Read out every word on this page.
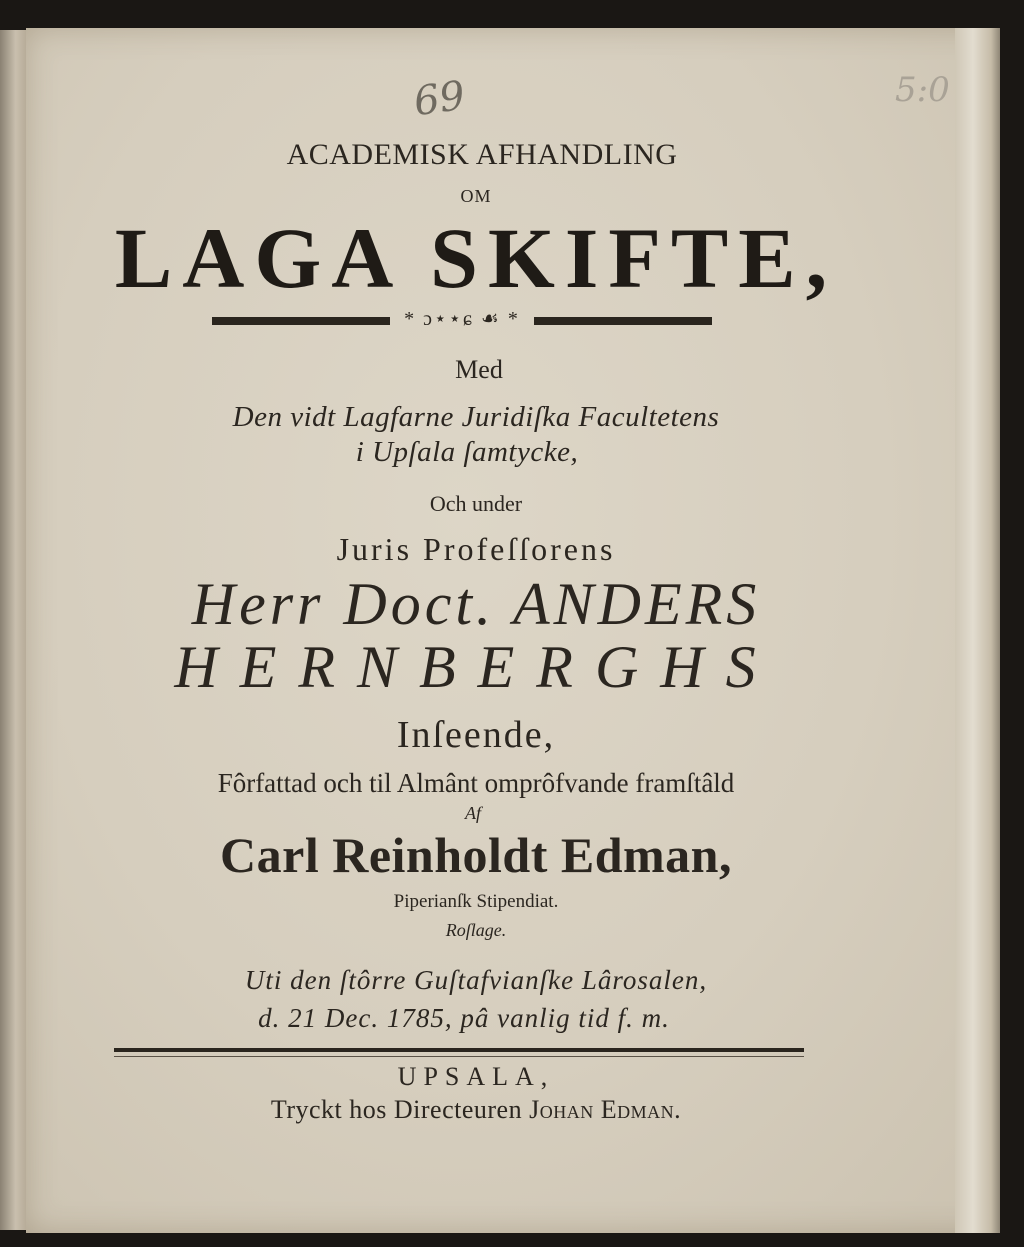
69
ACADEMISK AFHANDLING
OM
LAGA SKIFTE,
* ɔ⋆⋆ɕ ☙ *
Med
Den vidt Lagfarne Juridiſka Facultetens
i Upſala ſamtycke,
Och under
Juris Profeſſorens
Herr Doct. ANDERS
HERNBERGHS
Inſeende,
Fôrfattad och til Almânt omprôfvande framſtâld
Af
Carl Reinholdt Edman,
Piperianſk Stipendiat.
Roſlage.
Uti den ſtôrre Guſtafvianſke Lârosalen,
d. 21 Dec. 1785, pâ vanlig tid f. m.
UPSALA,
Tryckt hos Directeuren Johan Edman.
5:0
